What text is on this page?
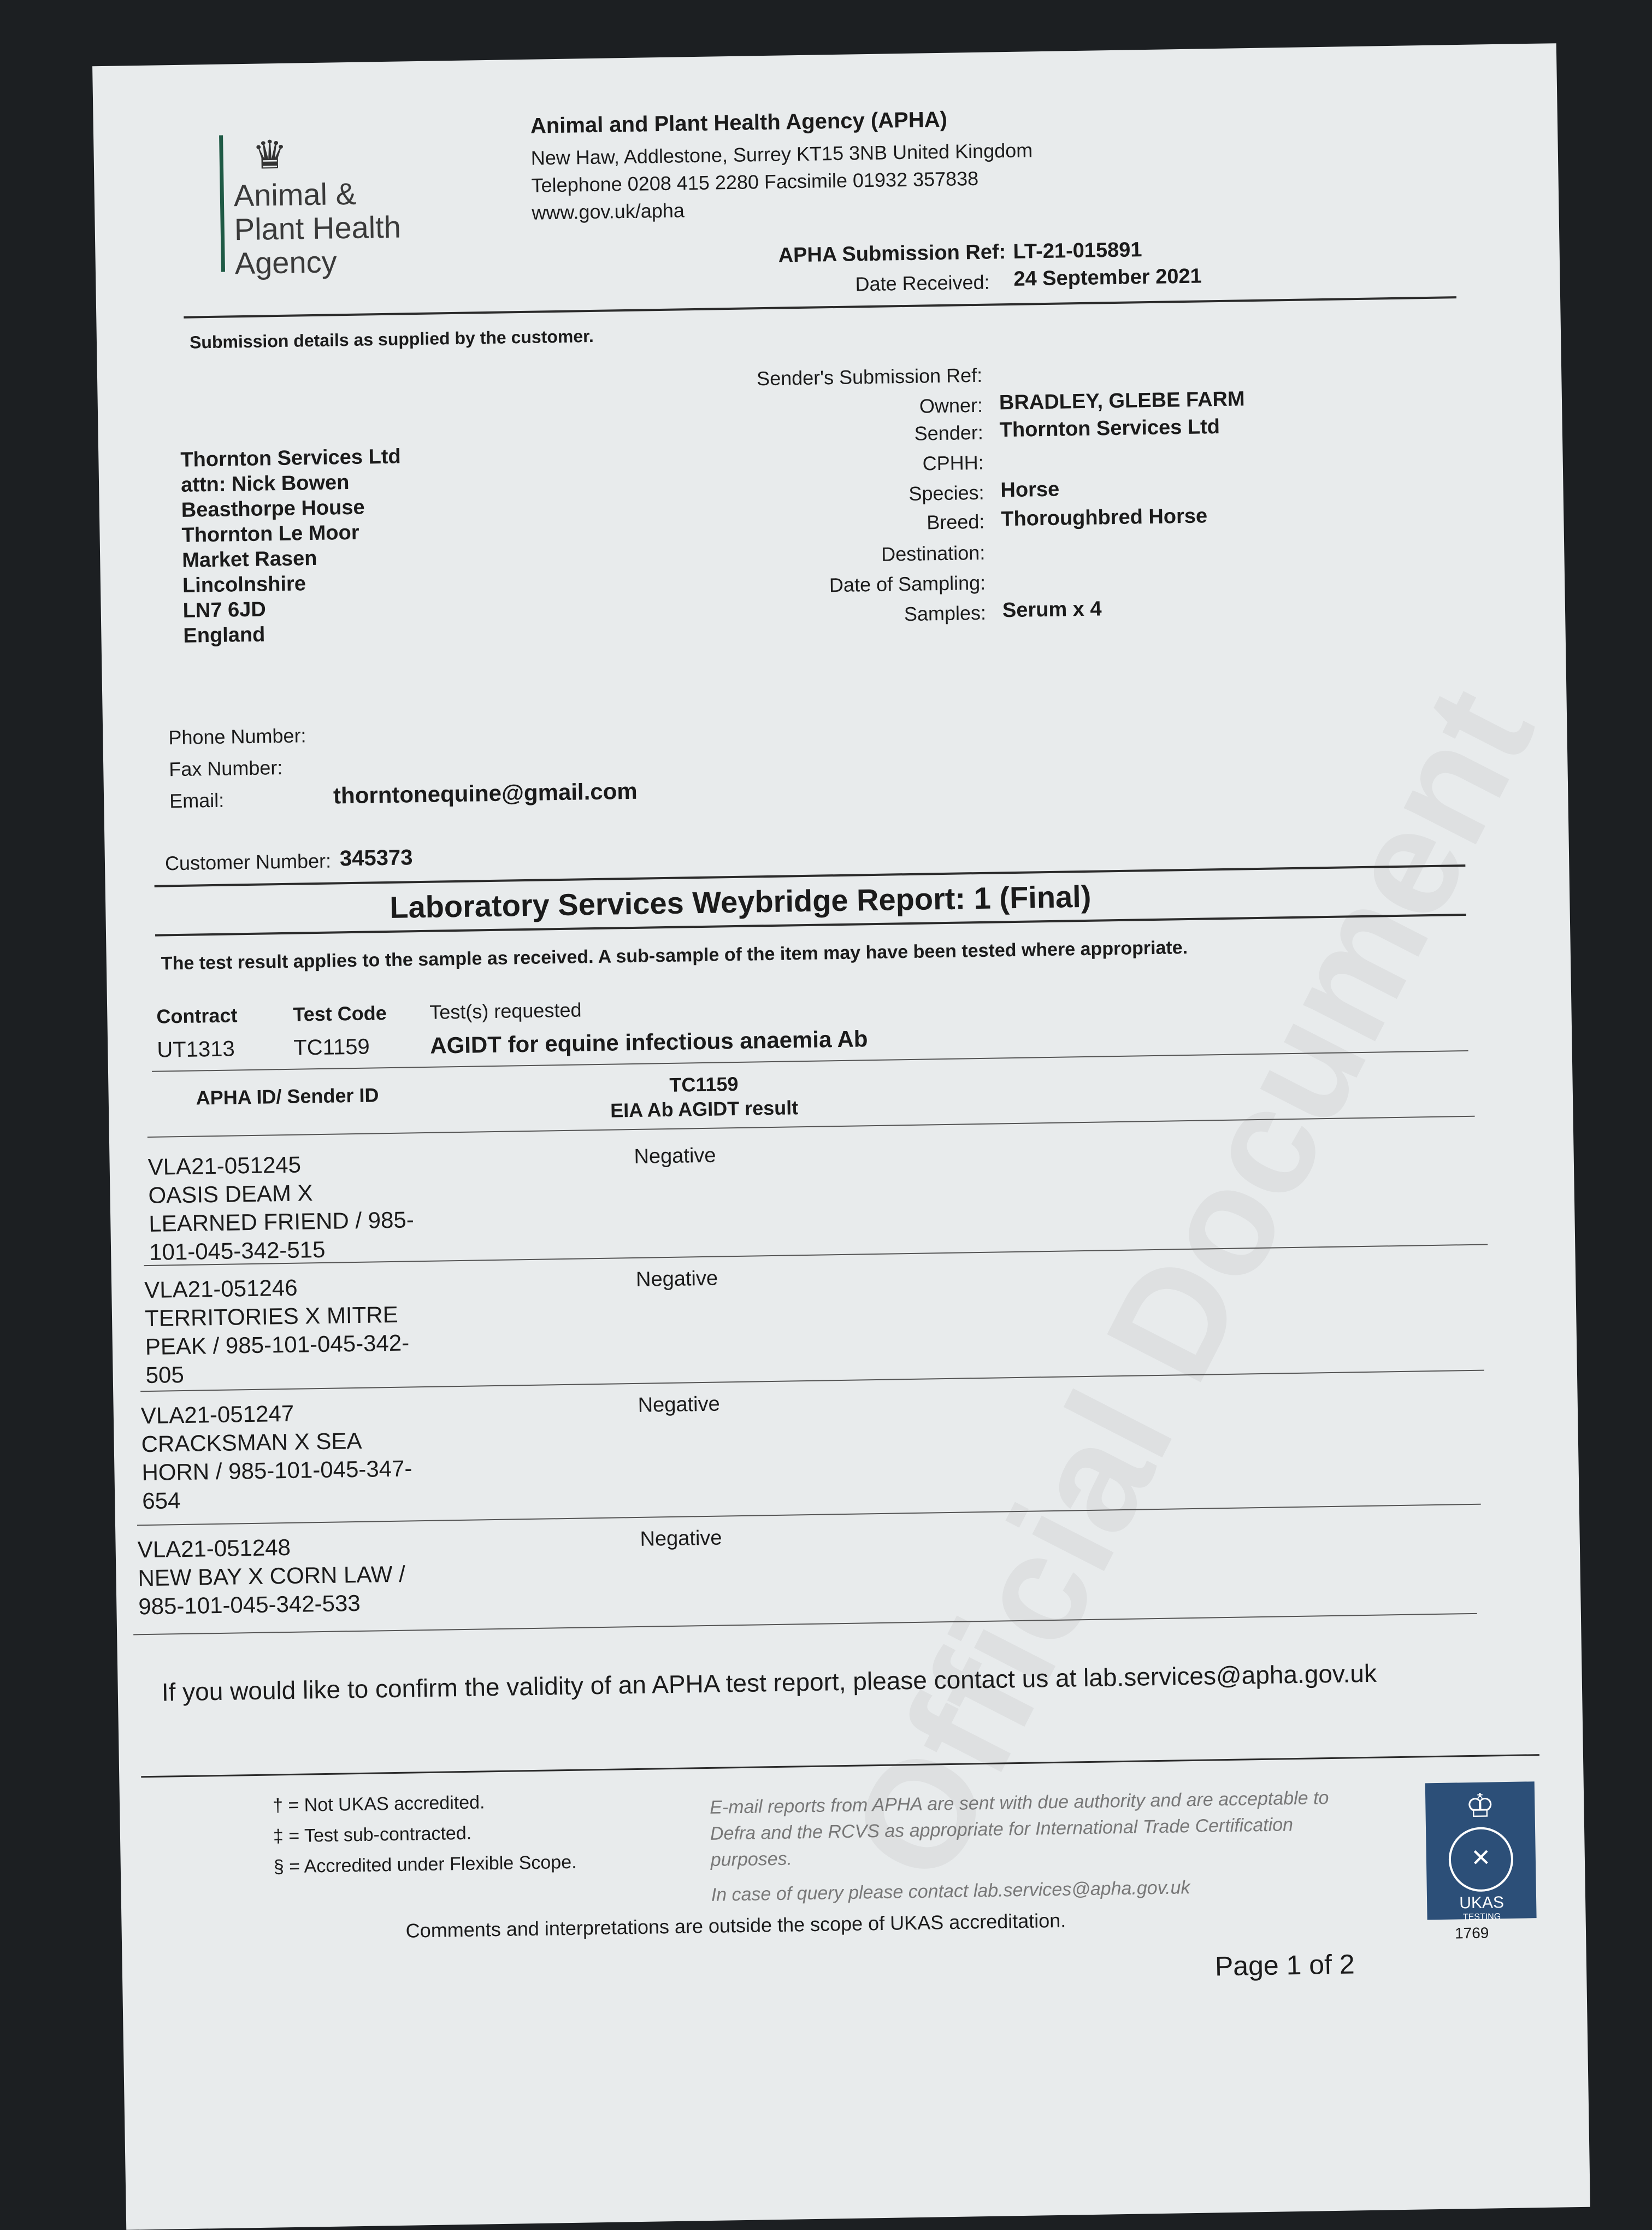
♛
Animal &
Plant Health
Agency
Animal and Plant Health Agency (APHA)
New Haw, Addlestone, Surrey KT15 3NB United Kingdom
Telephone 0208 415 2280 Facsimile 01932 357838
www.gov.uk/apha
APHA Submission Ref: LT-21-015891
Date Received: 24 September 2021
Submission details as supplied by the customer.
Sender's Submission Ref:
Owner: BRADLEY, GLEBE FARM
Sender: Thornton Services Ltd
CPHH:
Species: Horse
Breed: Thoroughbred Horse
Destination:
Date of Sampling:
Samples: Serum x 4
Thornton Services Ltd
attn: Nick Bowen
Beasthorpe House
Thornton Le Moor
Market Rasen
Lincolnshire
LN7 6JD
England
Phone Number:
Fax Number:
Email:	thorntonequine@gmail.com
Customer Number: 345373
Laboratory Services Weybridge Report: 1 (Final)
The test result applies to the sample as received. A sub-sample of the item may have been tested where appropriate.
Contract	Test Code Test(s) requested
UT1313	TC1159	AGIDT for equine infectious anaemia Ab
APHA ID/ Sender ID	TC1159
EIA Ab AGIDT result
VLA21-051245
OASIS DEAM X
LEARNED FRIEND / 985-
101-045-342-515
Negative
VLA21-051246
TERRITORIES X MITRE
PEAK / 985-101-045-342-
505
Negative
VLA21-051247
CRACKSMAN X SEA
HORN / 985-101-045-347-
654
Negative
VLA21-051248
NEW BAY X CORN LAW /
985-101-045-342-533
Negative
If you would like to confirm the validity of an APHA test report, please contact us at lab.services@apha.gov.uk
† = Not UKAS accredited.
‡ = Test sub-contracted.
§ = Accredited under Flexible Scope.
E-mail reports from APHA are sent with due authority and are acceptable to Defra and the RCVS as appropriate for International Trade Certification purposes.
In case of query please contact lab.services@apha.gov.uk
Comments and interpretations are outside the scope of UKAS accreditation.
♔
✕
UKAS
TESTING
1769
Page 1 of 2
